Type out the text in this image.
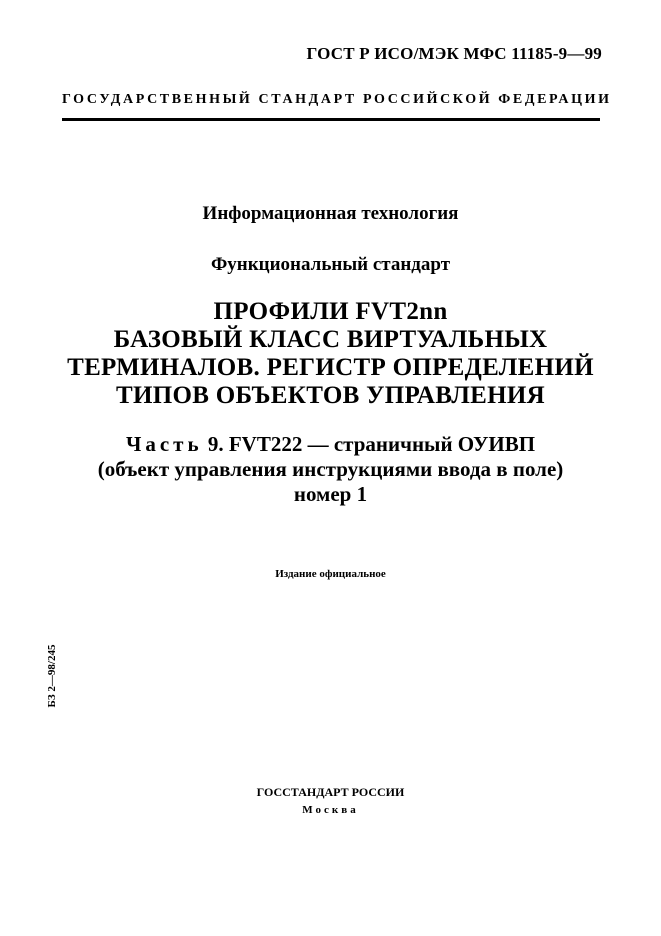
ГОСТ Р ИСО/МЭК МФС 11185-9—99
ГОСУДАРСТВЕННЫЙ СТАНДАРТ РОССИЙСКОЙ ФЕДЕРАЦИИ
Информационная технология
Функциональный стандарт
ПРОФИЛИ FVT2nn
БАЗОВЫЙ КЛАСС ВИРТУАЛЬНЫХ
ТЕРМИНАЛОВ. РЕГИСТР ОПРЕДЕЛЕНИЙ
ТИПОВ ОБЪЕКТОВ УПРАВЛЕНИЯ
Часть 9. FVT222 — страничный ОУИВП
(объект управления инструкциями ввода в поле)
номер 1
Издание официальное
БЗ 2—98/245
ГОССТАНДАРТ РОССИИ
Москва
